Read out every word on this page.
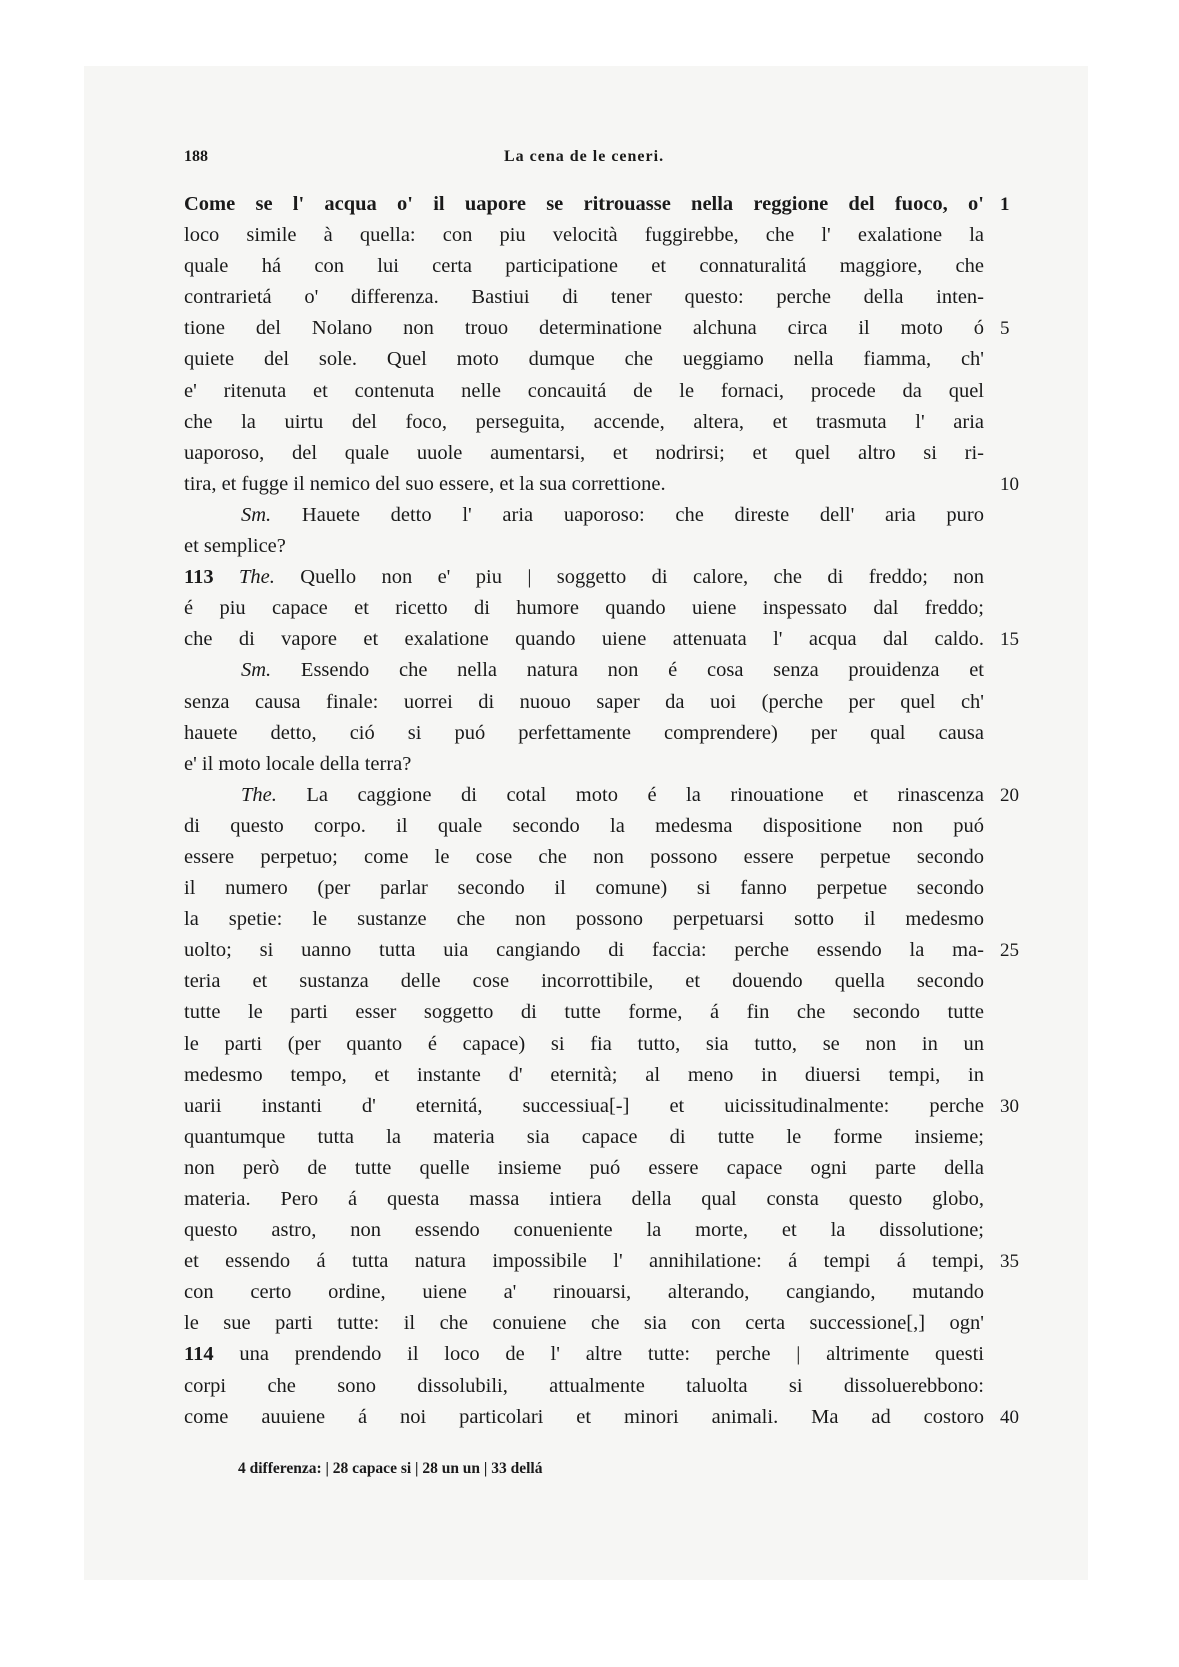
188	La cena de le ceneri.
Come se l' acqua o' il uapore se ritrouasse nella reggione del fuoco, o' 1
loco simile à quella: con piu velocità fuggirebbe, che l' exalatione la
quale há con lui certa participatione et connaturalitá maggiore, che
contrarietá o' differenza. Bastiui di tener questo: perche della inten-
tione del Nolano non trouo determinatione alchuna circa il moto ó 5
quiete del sole. Quel moto dumque che ueggiamo nella fiamma, ch'
e' ritenuta et contenuta nelle concauitá de le fornaci, procede da quel
che la uirtu del foco, perseguita, accende, altera, et trasmuta l' aria
uaporoso, del quale uuole aumentarsi, et nodrirsi; et quel altro si ri-
tira, et fugge il nemico del suo essere, et la sua correttione.	10
Sm. Hauete detto l' aria uaporoso: che direste dell' aria puro
et semplice?
113 The. Quello non e' piu | soggetto di calore, che di freddo; non
é piu capace et ricetto di humore quando uiene inspessato dal freddo;
che di vapore et exalatione quando uiene attenuata l' acqua dal caldo. 15
Sm. Essendo che nella natura non é cosa senza prouidenza et
senza causa finale: uorrei di nuouo saper da uoi (perche per quel ch'
hauete detto, ció si puó perfettamente comprendere) per qual causa
e' il moto locale della terra?
The. La caggione di cotal moto é la rinouatione et rinascenza 20
di questo corpo. il quale secondo la medesma dispositione non puó
essere perpetuo; come le cose che non possono essere perpetue secondo
il numero (per parlar secondo il comune) si fanno perpetue secondo
la spetie: le sustanze che non possono perpetuarsi sotto il medesmo
uolto; si uanno tutta uia cangiando di faccia: perche essendo la ma- 25
teria et sustanza delle cose incorrottibile, et douendo quella secondo
tutte le parti esser soggetto di tutte forme, á fin che secondo tutte
le parti (per quanto é capace) si fia tutto, sia tutto, se non in un
medesmo tempo, et instante d' eternità; al meno in diuersi tempi, in
uarii instanti d' eternitá, successiua[-] et uicissitudinalmente: perche 30
quantumque tutta la materia sia capace di tutte le forme insieme;
non però de tutte quelle insieme puó essere capace ogni parte della
materia. Pero á questa massa intiera della qual consta questo globo,
questo astro, non essendo conueniente la morte, et la dissolutione;
et essendo á tutta natura impossibile l' annihilatione: á tempi á tempi, 35
con certo ordine, uiene a' rinouarsi, alterando, cangiando, mutando
le sue parti tutte: il che conuiene che sia con certa successione[,] ogn'
114 una prendendo il loco de l' altre tutte: perche | altrimente questi
corpi che sono dissolubili, attualmente taluolta si dissoluerebbono:
come auuiene á noi particolari et minori animali. Ma ad costoro 40
4 differenza: | 28 capace si | 28 un un | 33 dellá
